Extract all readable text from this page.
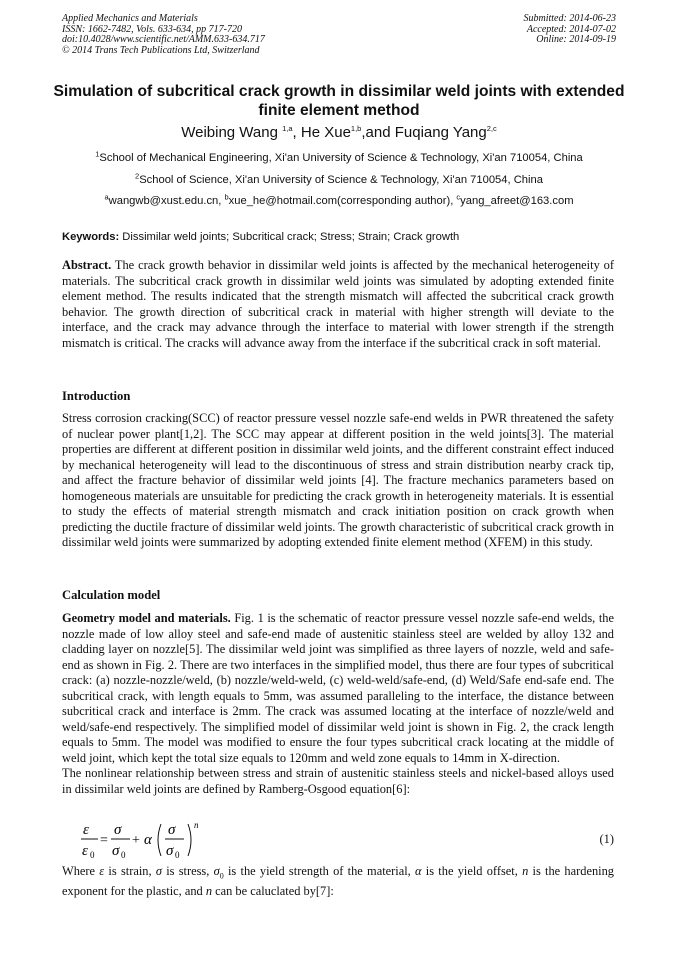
Applied Mechanics and Materials
ISSN: 1662-7482, Vols. 633-634, pp 717-720
doi:10.4028/www.scientific.net/AMM.633-634.717
© 2014 Trans Tech Publications Ltd, Switzerland
Submitted: 2014-06-23
Accepted: 2014-07-02
Online: 2014-09-19
Simulation of subcritical crack growth in dissimilar weld joints with extended finite element method
Weibing Wang $^{1,a}$, He Xue$^{1,b}$,and Fuqiang Yang$^{2,c}$
$^1$School of Mechanical Engineering, Xi'an University of Science & Technology, Xi'an 710054, China
$^2$School of Science, Xi'an University of Science & Technology, Xi'an 710054, China
$^a$wangwb@xust.edu.cn, $^b$xue_he@hotmail.com(corresponding author), $^c$yang_afreet@163.com
Keywords: Dissimilar weld joints; Subcritical crack; Stress; Strain; Crack growth
Abstract. The crack growth behavior in dissimilar weld joints is affected by the mechanical heterogeneity of materials. The subcritical crack growth in dissimilar weld joints was simulated by adopting extended finite element method. The results indicated that the strength mismatch will affected the subcritical crack growth behavior. The growth direction of subcritical crack in material with higher strength will deviate to the interface, and the crack may advance through the interface to material with lower strength if the strength mismatch is critical. The cracks will advance away from the interface if the subcritical crack in soft material.
Introduction
Stress corrosion cracking(SCC) of reactor pressure vessel nozzle safe-end welds in PWR threatened the safety of nuclear power plant[1,2]. The SCC may appear at different position in the weld joints[3]. The material properties are different at different position in dissimilar weld joints, and the different constraint effect induced by mechanical heterogeneity will lead to the discontinuous of stress and strain distribution nearby crack tip, and affect the fracture behavior of dissimilar weld joints [4]. The fracture mechanics parameters based on homogeneous materials are unsuitable for predicting the crack growth in heterogeneity materials. It is essential to study the effects of material strength mismatch and crack initiation position on crack growth when predicting the ductile fracture of dissimilar weld joints. The growth characteristic of subcritical crack growth in dissimilar weld joints were summarized by adopting extended finite element method (XFEM) in this study.
Calculation model
Geometry model and materials. Fig. 1 is the schematic of reactor pressure vessel nozzle safe-end welds, the nozzle made of low alloy steel and safe-end made of austenitic stainless steel are welded by alloy 132 and cladding layer on nozzle[5]. The dissimilar weld joint was simplified as three layers of nozzle, weld and safe-end as shown in Fig. 2. There are two interfaces in the simplified model, thus there are four types of subcritical crack: (a) nozzle-nozzle/weld, (b) nozzle/weld-weld, (c) weld-weld/safe-end, (d) Weld/Safe end-safe end. The subcritical crack, with length equals to 5mm, was assumed paralleling to the interface, the distance between subcritical crack and interface is 2mm. The crack was assumed locating at the interface of nozzle/weld and weld/safe-end respectively. The simplified model of dissimilar weld joint is shown in Fig. 2, the crack length equals to 5mm. The model was modified to ensure the four types subcritical crack locating at the middle of weld joint, which kept the total size equals to 120mm and weld zone equals to 14mm in X-direction.
The nonlinear relationship between stress and strain of austenitic stainless steels and nickel-based alloys used in dissimilar weld joints are defined by Ramberg-Osgood equation[6]:
ε
ε 0
=
σ
σ 0
+ α
σ
σ 0
n
(1)
Where ε is strain, σ is stress, $\sigma_0$ is the yield strength of the material, α is the yield offset, n is the hardening exponent for the plastic, and n can be caluclated by[7]:
